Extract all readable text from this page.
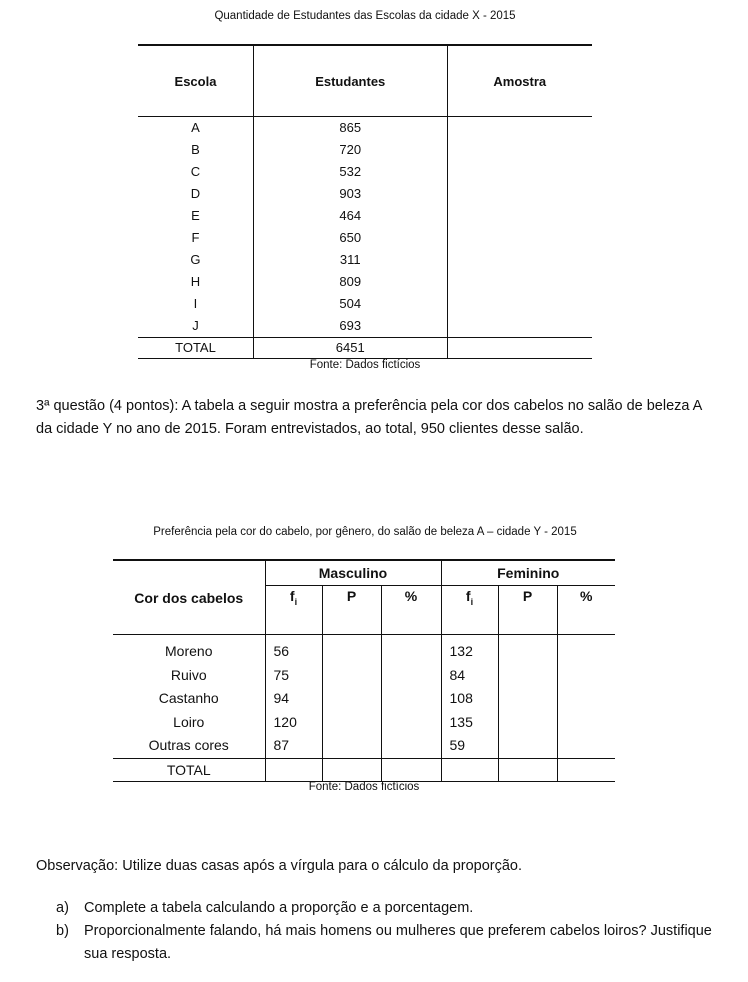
Quantidade de Estudantes das Escolas da cidade X - 2015
Escola	Estudantes	Amostra
A	865	
B	720	
C	532	
D	903	
E	464	
F	650	
G	311	
H	809	
I	504	
J	693	
TOTAL	6451	
Fonte: Dados fictícios
3ª questão (4 pontos): A tabela a seguir mostra a preferência pela cor dos cabelos no salão de beleza A da cidade Y no ano de 2015. Foram entrevistados, ao total, 950 clientes desse salão.
Preferência pela cor do cabelo, por gênero, do salão de beleza A – cidade Y - 2015
Cor dos cabelos	Masculino			Feminino		
	$f_i$	P	%	$f_i$	P	%
Moreno	56			132		
Ruivo	75			84		
Castanho	94			108		
Loiro	120			135		
Outras cores	87			59		
TOTAL						
Fonte: Dados fictícios
Observação: Utilize duas casas após a vírgula para o cálculo da proporção.
a)	Complete a tabela calculando a proporção e a porcentagem.
b)	Proporcionalmente falando, há mais homens ou mulheres que preferem cabelos loiros? Justifique sua resposta.
